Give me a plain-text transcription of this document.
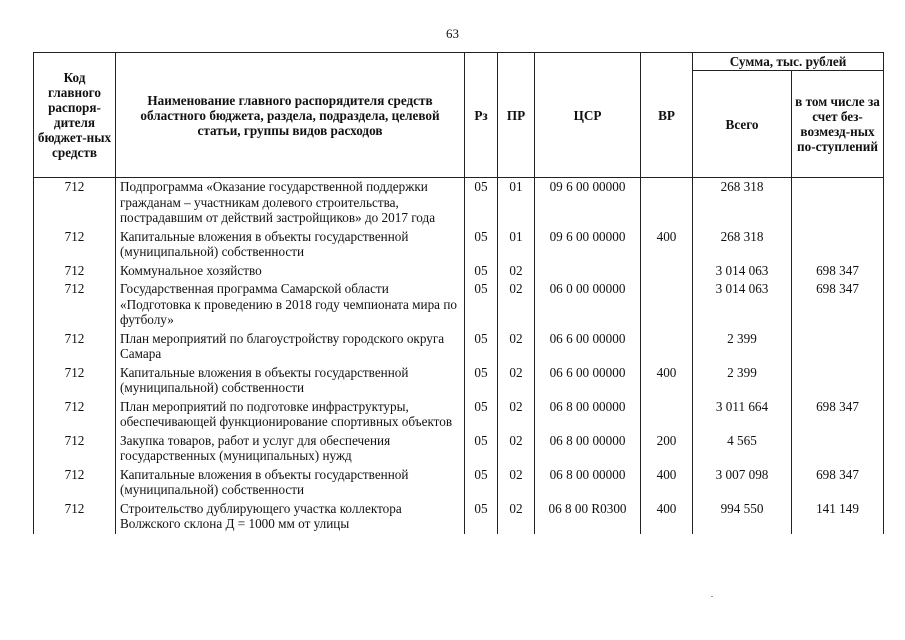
63
Код главного распоря-дителя бюджет-ных средств	Наименование главного распорядителя средств областного бюджета, раздела, подраздела, целевой статьи, группы видов расходов	Рз	ПР	ЦСР	ВР	Сумма, тыс. рублей	
						Всего	в том числе за счет без-возмезд-ных по-ступлений
712	Подпрограмма «Оказание государственной поддержки гражданам – участникам долевого строительства, пострадавшим от действий застройщиков» до 2017 года	05	01	09 6 00 00000		268 318	
712	Капитальные вложения в объекты государственной (муниципальной) собственности	05	01	09 6 00 00000	400	268 318	
712	Коммунальное хозяйство	05	02			3 014 063	698 347
712	Государственная программа Самарской области «Подготовка к проведению в 2018 году чемпионата мира по футболу»	05	02	06 0 00 00000		3 014 063	698 347
712	План мероприятий по благоустройству городского округа Самара	05	02	06 6 00 00000		2 399	
712	Капитальные вложения в объекты государственной (муниципальной) собственности	05	02	06 6 00 00000	400	2 399	
712	План мероприятий по подготовке инфраструктуры, обеспечивающей функционирование спортивных объектов	05	02	06 8 00 00000		3 011 664	698 347
712	Закупка товаров, работ и услуг для обеспечения государственных (муниципальных) нужд	05	02	06 8 00 00000	200	4 565	
712	Капитальные вложения в объекты государственной (муниципальной) собственности	05	02	06 8 00 00000	400	3 007 098	698 347
712	Строительство дублирующего участка коллектора Волжского склона Д = 1000 мм от улицы	05	02	06 8 00 R0300	400	994 550	141 149
